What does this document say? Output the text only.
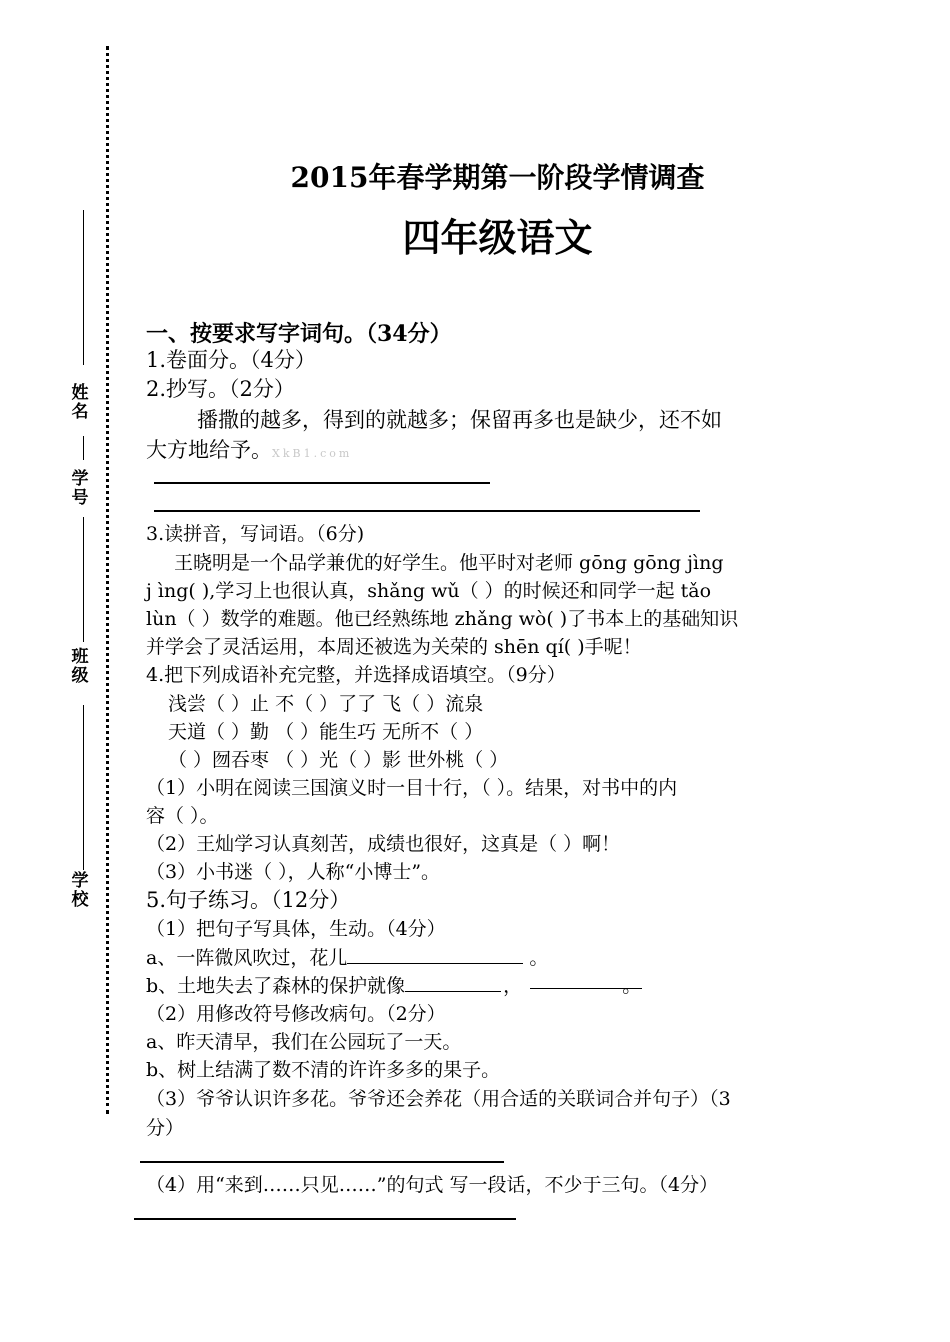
姓名
学号
班级
学校
2015年春学期第一阶段学情调查
四年级语文
一、按要求写字词句。（34分）
1.卷面分。（4分）
2.抄写。（2分）
播撒的越多，得到的就越多；保留再多也是缺少，还不如
大方地给予。XkB1.com
3.读拼音，写词语。（6分)
王晓明是一个品学兼优的好学生。他平时对老师 gōnɡ gōng jìng
j ìng( ),学习上也很认真，shǎng wǔ（ ）的时候还和同学一起 tǎo
lùn（ ）数学的难题。他已经熟练地 zhǎng wò( )了书本上的基础知识
并学会了灵活运用，本周还被选为关荣的 shēn qí( )手呢！
4.把下列成语补充完整，并选择成语填空。（9分）
浅尝（ ）止 不（ ）了了 飞（ ）流泉
天道（ ）勤 （ ）能生巧 无所不（ ）
（ ）囫吞枣 （ ）光（ ）影 世外桃（ ）
（1）小明在阅读三国演义时一目十行，（ ）。结果，对书中的内
容（ ）。
（2）王灿学习认真刻苦，成绩也很好，这真是（ ）啊！
（3）小书迷（ ），人称“小博士”。
5.句子练习。（12分）
（1）把句子写具体，生动。（4分）
a、一阵微风吹过，花儿	。
b、土地失去了森林的保护就像	，	。
（2）用修改符号修改病句。（2分）
a、昨天清早，我们在公园玩了一天。
b、树上结满了数不清的许许多多的果子。
（3）爷爷认识许多花。爷爷还会养花（用合适的关联词合并句子）（3
分）
（4）用“来到……只见……”的句式 写一段话，不少于三句。（4分）
